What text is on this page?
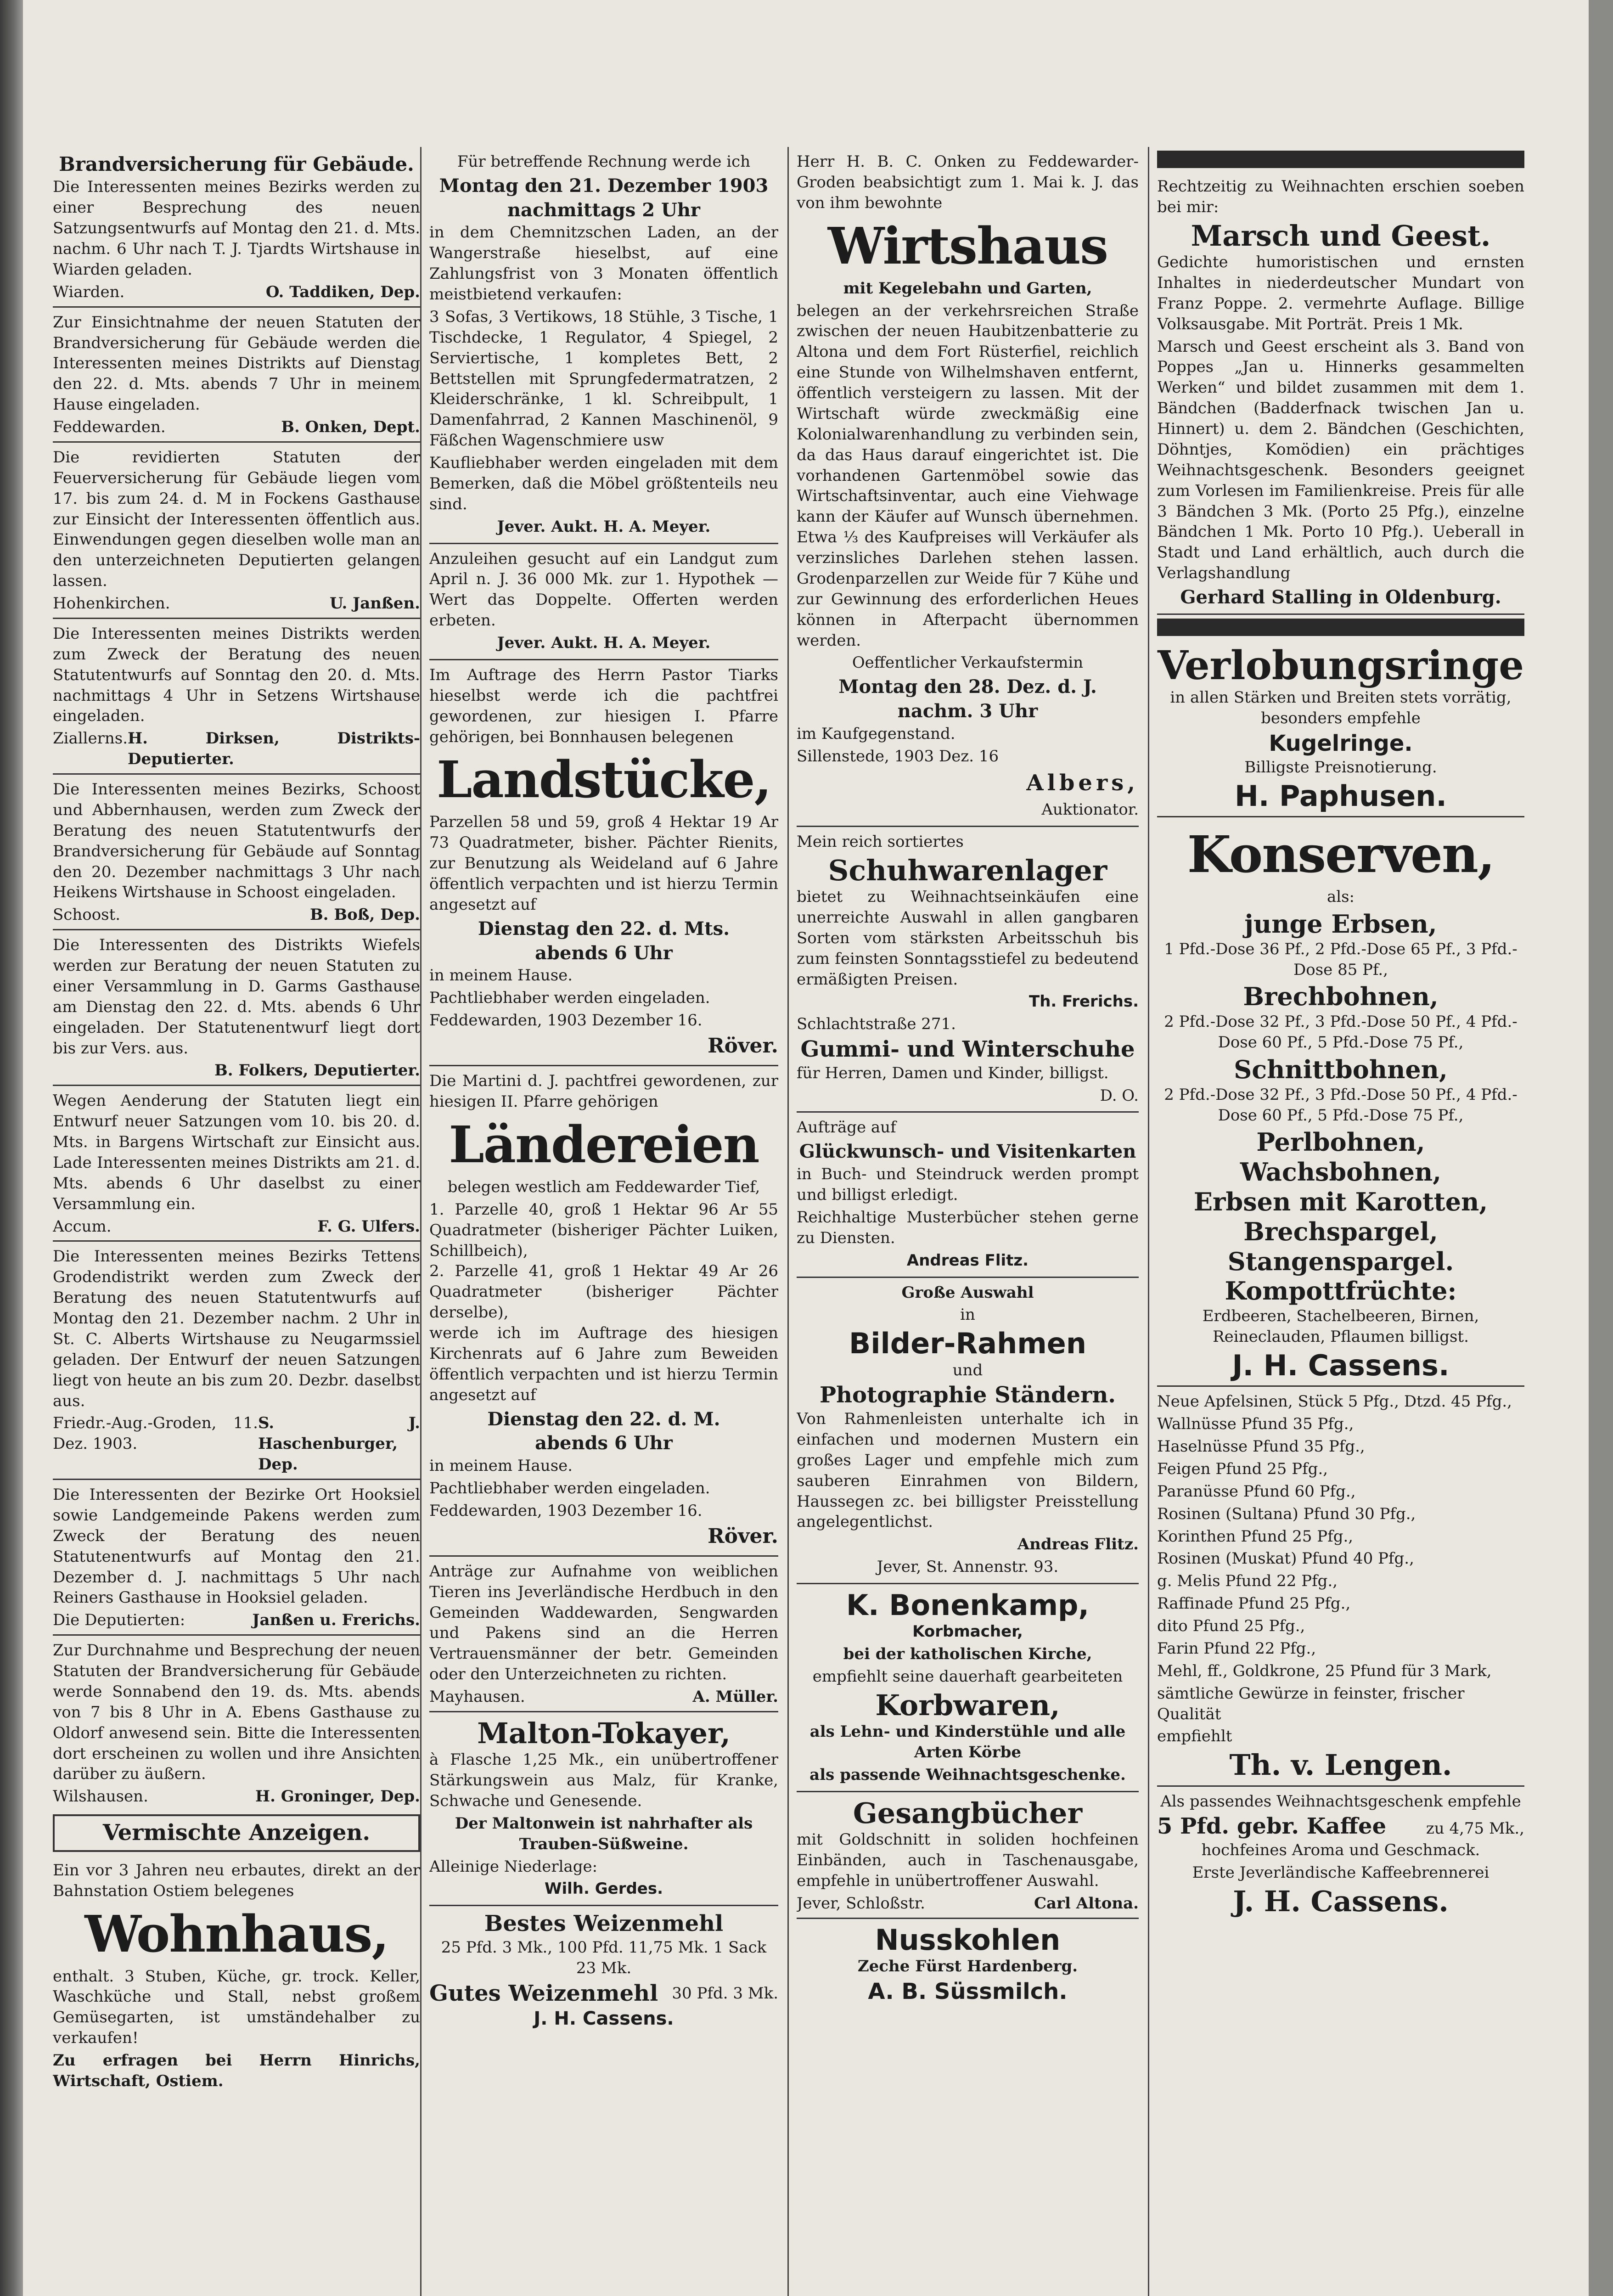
Brandversicherung für Gebäude.

Die Interessenten meines Bezirks werden zu einer Besprechung des neuen Satzungsentwurfs auf Montag den 21. d. Mts. nachm. 6 Uhr nach T. J. Tjardts Wirtshause in Wiarden geladen.

Wiarden.	O. Taddiken, Dep.

Zur Einsichtnahme der neuen Statuten der Brandversicherung für Gebäude werden die Interessenten meines Distrikts auf Dienstag den 22. d. Mts. abends 7 Uhr in meinem Hause eingeladen.

Feddewarden.	B. Onken, Dept.

Die revidierten Statuten der Feuerversicherung für Gebäude liegen vom 17. bis zum 24. d. M in Fockens Gasthause zur Einsicht der Interessenten öffentlich aus. Einwendungen gegen dieselben wolle man an den unterzeichneten Deputierten gelangen lassen.

Hohenkirchen.	U. Janßen.

Die Interessenten meines Distrikts werden zum Zweck der Beratung des neuen Statutentwurfs auf Sonntag den 20. d. Mts. nachmittags 4 Uhr in Setzens Wirtshause eingeladen.

Ziallerns. H. Dirksen, Distrikts-Deputierter.

Die Interessenten meines Bezirks, Schoost und Abbernhausen, werden zum Zweck der Beratung des neuen Statutentwurfs der Brandversicherung für Gebäude auf Sonntag den 20. Dezember nachmittags 3 Uhr nach Heikens Wirtshause in Schoost eingeladen.

Schoost.	B. Boß, Dep.

Die Interessenten des Distrikts Wiefels werden zur Beratung der neuen Statuten zu einer Versammlung in D. Garms Gasthause am Dienstag den 22. d. Mts. abends 6 Uhr eingeladen. Der Statutenentwurf liegt dort bis zur Vers. aus.

B. Folkers, Deputierter.

Wegen Aenderung der Statuten liegt ein Entwurf neuer Satzungen vom 10. bis 20. d. Mts. in Bargens Wirtschaft zur Einsicht aus. Lade Interessenten meines Distrikts am 21. d. Mts. abends 6 Uhr daselbst zu einer Versammlung ein.

Accum.	F. G. Ulfers.

Die Interessenten meines Bezirks Tettens Grodendistrikt werden zum Zweck der Beratung des neuen Statutentwurfs auf Montag den 21. Dezember nachm. 2 Uhr in St. C. Alberts Wirtshause zu Neugarmssiel geladen. Der Entwurf der neuen Satzungen liegt von heute an bis zum 20. Dezbr. daselbst aus.

Friedr.-Aug.-Groden, 11. Dez. 1903.
S. J. Haschenburger, Dep.

Die Interessenten der Bezirke Ort Hooksiel sowie Landgemeinde Pakens werden zum Zweck der Beratung des neuen Statutenentwurfs auf Montag den 21. Dezember d. J. nachmittags 5 Uhr nach Reiners Gasthause in Hooksiel geladen.

Die Deputierten:	Janßen u. Frerichs.

Zur Durchnahme und Besprechung der neuen Statuten der Brandversicherung für Gebäude werde Sonnabend den 19. ds. Mts. abends von 7 bis 8 Uhr in A. Ebens Gasthause zu Oldorf anwesend sein. Bitte die Interessenten dort erscheinen zu wollen und ihre Ansichten darüber zu äußern.

Wilshausen.	H. Groninger, Dep.
Vermischte Anzeigen.

Ein vor 3 Jahren neu erbautes, direkt an der Bahnstation Ostiem belegenes

Wohnhaus,

enthalt. 3 Stuben, Küche, gr. trock. Keller, Waschküche und Stall, nebst großem Gemüsegarten, ist umständehalber zu verkaufen!

Zu erfragen bei Herrn Hinrichs, Wirtschaft, Ostiem.

Für betreffende Rechnung werde ich

Montag den 21. Dezember 1903
nachmittags 2 Uhr

in dem Chemnitzschen Laden, an der Wangerstraße hieselbst, auf eine Zahlungsfrist von 3 Monaten öffentlich meistbietend verkaufen:

3 Sofas, 3 Vertikows, 18 Stühle, 3 Tische, 1 Tischdecke, 1 Regulator, 4 Spiegel, 2 Serviertische, 1 kompletes Bett, 2 Bettstellen mit Sprungfedermatratzen, 2 Kleiderschränke, 1 kl. Schreibpult, 1 Damenfahrrad, 2 Kannen Maschinenöl, 9 Fäßchen Wagenschmiere usw

Kaufliebhaber werden eingeladen mit dem Bemerken, daß die Möbel größtenteils neu sind.

Jever. Aukt. H. A. Meyer.

Anzuleihen gesucht auf ein Landgut zum April n. J. 36 000 Mk. zur 1. Hypothek — Wert das Doppelte. Offerten werden erbeten.

Jever. Aukt. H. A. Meyer.

Im Auftrage des Herrn Pastor Tiarks hieselbst werde ich die pachtfrei gewordenen, zur hiesigen I. Pfarre gehörigen, bei Bonnhausen belegenen

Landstücke,

Parzellen 58 und 59, groß 4 Hektar 19 Ar 73 Quadratmeter, bisher. Pächter Rienits, zur Benutzung als Weideland auf 6 Jahre öffentlich verpachten und ist hierzu Termin angesetzt auf

Dienstag den 22. d. Mts.
abends 6 Uhr

in meinem Hause.

Pachtliebhaber werden eingeladen.

Feddewarden, 1903 Dezember 16.

Röver.

Die Martini d. J. pachtfrei gewordenen, zur hiesigen II. Pfarre gehörigen

Ländereien

belegen westlich am Feddewarder Tief,

1. Parzelle 40, groß 1 Hektar 96 Ar 55 Quadratmeter (bisheriger Pächter Luiken, Schillbeich),
2. Parzelle 41, groß 1 Hektar 49 Ar 26 Quadratmeter (bisheriger Pächter derselbe),

werde ich im Auftrage des hiesigen Kirchenrats auf 6 Jahre zum Beweiden öffentlich verpachten und ist hierzu Termin angesetzt auf

Dienstag den 22. d. M.
abends 6 Uhr

in meinem Hause.

Pachtliebhaber werden eingeladen.

Feddewarden, 1903 Dezember 16.

Röver.

Anträge zur Aufnahme von weiblichen Tieren ins Jeverländische Herdbuch in den Gemeinden Waddewarden, Sengwarden und Pakens sind an die Herren Vertrauensmänner der betr. Gemeinden oder den Unterzeichneten zu richten.

Mayhausen.	A. Müller.
Malton-Tokayer,

à Flasche 1,25 Mk., ein unübertroffener Stärkungswein aus Malz, für Kranke, Schwache und Genesende.

Der Maltonwein ist nahrhafter als Trauben-Süßweine.

Alleinige Niederlage:

Wilh. Gerdes.

Bestes Weizenmehl

25 Pfd. 3 Mk., 100 Pfd. 11,75 Mk. 1 Sack 23 Mk.

Gutes Weizenmehl 30 Pfd. 3 Mk.

J. H. Cassens.

Herr H. B. C. Onken zu Feddewarder-Groden beabsichtigt zum 1. Mai k. J. das von ihm bewohnte

Wirtshaus

mit Kegelebahn und Garten,

belegen an der verkehrsreichen Straße zwischen der neuen Haubitzenbatterie zu Altona und dem Fort Rüsterfiel, reichlich eine Stunde von Wilhelmshaven entfernt, öffentlich versteigern zu lassen. Mit der Wirtschaft würde zweckmäßig eine Kolonialwarenhandlung zu verbinden sein, da das Haus darauf eingerichtet ist. Die vorhandenen Gartenmöbel sowie das Wirtschaftsinventar, auch eine Viehwage kann der Käufer auf Wunsch übernehmen. Etwa ⅓ des Kaufpreises will Verkäufer als verzinsliches Darlehen stehen lassen. Grodenparzellen zur Weide für 7 Kühe und zur Gewinnung des erforderlichen Heues können in Afterpacht übernommen werden.

Oeffentlicher Verkaufstermin

Montag den 28. Dez. d. J.
nachm. 3 Uhr

im Kaufgegenstand.

Sillenstede, 1903 Dez. 16

Albers,

Auktionator.

Mein reich sortiertes

Schuhwarenlager

bietet zu Weihnachtseinkäufen eine unerreichte Auswahl in allen gangbaren Sorten vom stärksten Arbeitsschuh bis zum feinsten Sonntagsstiefel zu bedeutend ermäßigten Preisen.

Th. Frerichs.

Schlachtstraße 271.

Gummi- und Winterschuhe

für Herren, Damen und Kinder, billigst.

D. O.

Aufträge auf

Glückwunsch- und Visitenkarten

in Buch- und Steindruck werden prompt und billigst erledigt.

Reichhaltige Musterbücher stehen gerne zu Diensten.

Andreas Flitz.

Große Auswahl

in

Bilder-Rahmen

und

Photographie Ständern.

Von Rahmenleisten unterhalte ich in einfachen und modernen Mustern ein großes Lager und empfehle mich zum sauberen Einrahmen von Bildern, Haussegen zc. bei billigster Preisstellung angelegentlichst.

Andreas Flitz.

Jever, St. Annenstr. 93.

K. Bonenkamp,

Korbmacher,

bei der katholischen Kirche,

empfiehlt seine dauerhaft gearbeiteten

Korbwaren,

als Lehn- und Kinderstühle und alle Arten Körbe

als passende Weihnachtsgeschenke.

Gesangbücher

mit Goldschnitt in soliden hochfeinen Einbänden, auch in Taschenausgabe, empfehle in unübertroffener Auswahl.

Jever, Schloßstr.	Carl Altona.
Nusskohlen

Zeche Fürst Hardenberg.

A. B. Süssmilch.

Rechtzeitig zu Weihnachten erschien soeben bei mir:

Marsch und Geest.

Gedichte humoristischen und ernsten Inhaltes in niederdeutscher Mundart von Franz Poppe. 2. vermehrte Auflage. Billige Volksausgabe. Mit Porträt. Preis 1 Mk.

Marsch und Geest erscheint als 3. Band von Poppes „Jan u. Hinnerks gesammelten Werken“ und bildet zusammen mit dem 1. Bändchen (Badderfnack twischen Jan u. Hinnert) u. dem 2. Bändchen (Geschichten, Döhntjes, Komödien) ein prächtiges Weihnachtsgeschenk. Besonders geeignet zum Vorlesen im Familienkreise. Preis für alle 3 Bändchen 3 Mk. (Porto 25 Pfg.), einzelne Bändchen 1 Mk. Porto 10 Pfg.). Ueberall in Stadt und Land erhältlich, auch durch die Verlagshandlung

Gerhard Stalling in Oldenburg.
Verlobungsringe

in allen Stärken und Breiten stets vorrätig, besonders empfehle

Kugelringe.

Billigste Preisnotierung.

H. Paphusen.
Konserven,

als:

junge Erbsen,

1 Pfd.-Dose 36 Pf., 2 Pfd.-Dose 65 Pf., 3 Pfd.-Dose 85 Pf.,

Brechbohnen,

2 Pfd.-Dose 32 Pf., 3 Pfd.-Dose 50 Pf., 4 Pfd.-Dose 60 Pf., 5 Pfd.-Dose 75 Pf.,

Schnittbohnen,

2 Pfd.-Dose 32 Pf., 3 Pfd.-Dose 50 Pf., 4 Pfd.-Dose 60 Pf., 5 Pfd.-Dose 75 Pf.,

Perlbohnen,
Wachsbohnen,
Erbsen mit Karotten,
Brechspargel,
Stangenspargel.
Kompottfrüchte:

Erdbeeren, Stachelbeeren, Birnen, Reineclauden, Pflaumen billigst.

J. H. Cassens.

Neue Apfelsinen, Stück 5 Pfg., Dtzd. 45 Pfg.,

Wallnüsse Pfund 35 Pfg.,

Haselnüsse Pfund 35 Pfg.,

Feigen Pfund 25 Pfg.,

Paranüsse Pfund 60 Pfg.,

Rosinen (Sultana) Pfund 30 Pfg.,

Korinthen Pfund 25 Pfg.,

Rosinen (Muskat) Pfund 40 Pfg.,

g. Melis Pfund 22 Pfg.,

Raffinade Pfund 25 Pfg.,

dito Pfund 25 Pfg.,

Farin Pfund 22 Pfg.,

Mehl, ff., Goldkrone, 25 Pfund für 3 Mark,

sämtliche Gewürze in feinster, frischer Qualität

empfiehlt

Th. v. Lengen.

Als passendes Weihnachtsgeschenk empfehle

5 Pfd. gebr. Kaffee	zu 4,75 Mk.,

hochfeines Aroma und Geschmack.

Erste Jeverländische Kaffeebrennerei

J. H. Cassens.
